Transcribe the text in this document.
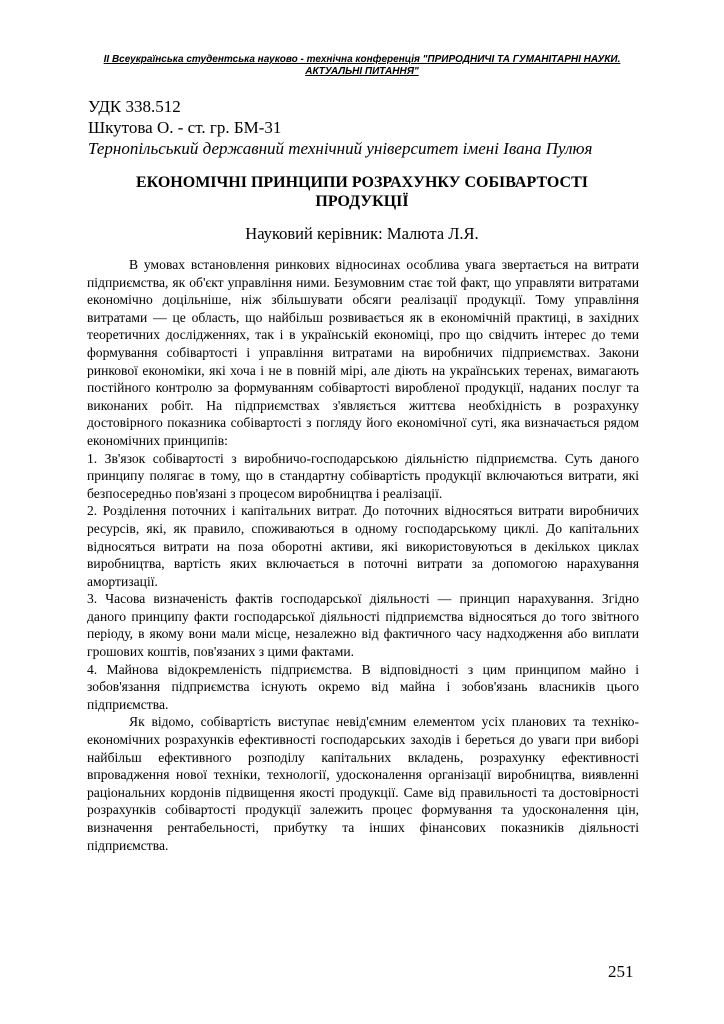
ІІ Всеукраїнська студентська науково - технічна конференція "ПРИРОДНИЧІ ТА ГУМАНІТАРНІ НАУКИ.
АКТУАЛЬНІ ПИТАННЯ"
УДК 338.512
Шкутова О. - ст. гр. БМ-31
Тернопільський державний технічний університет імені Івана Пулюя
ЕКОНОМІЧНІ ПРИНЦИПИ РОЗРАХУНКУ СОБІВАРТОСТІ
ПРОДУКЦІЇ
Науковий керівник: Малюта Л.Я.

В умовах встановлення ринкових відносинах особлива увага звертається на витрати підприємства, як об'єкт управління ними. Безумовним стає той факт, що управляти витратами економічно доцільніше, ніж збільшувати обсяги реалізації продукції. Тому управління витратами — це область, що найбільш розвивається як в економічній практиці, в західних теоретичних дослідженнях, так і в українській економіці, про що свідчить інтерес до теми формування собівартості і управління витратами на виробничих підприємствах. Закони ринкової економіки, які хоча і не в повній мірі, але діють на українських теренах, вимагають постійного контролю за формуванням собівартості виробленої продукції, наданих послуг та виконаних робіт. На підприємствах з'являється життєва необхідність в розрахунку достовірного показника собівартості з погляду його економічної суті, яка визначається рядом економічних принципів:

1. Зв'язок собівартості з виробничо-господарською діяльністю підприємства. Суть даного принципу полягає в тому, що в стандартну собівартість продукції включаються витрати, які безпосередньо пов'язані з процесом виробництва і реалізації.

2. Розділення поточних і капітальних витрат. До поточних відносяться витрати виробничих ресурсів, які, як правило, споживаються в одному господарському циклі. До капітальних відносяться витрати на поза оборотні активи, які використовуються в декількох циклах виробництва, вартість яких включається в поточні витрати за допомогою нарахування амортизації.

3. Часова визначеність фактів господарської діяльності — принцип нарахування. Згідно даного принципу факти господарської діяльності підприємства відносяться до того звітного періоду, в якому вони мали місце, незалежно від фактичного часу надходження або виплати грошових коштів, пов'язаних з цими фактами.

4. Майнова відокремленість підприємства. В відповідності з цим принципом майно і зобов'язання підприємства існують окремо від майна і зобов'язань власників цього підприємства.

Як відомо, собівартість виступає невід'ємним елементом усіх планових та техніко-економічних розрахунків ефективності господарських заходів і береться до уваги при виборі найбільш ефективного розподілу капітальних вкладень, розрахунку ефективності впровадження нової техніки, технології, удосконалення організації виробництва, виявленні раціональних кордонів підвищення якості продукції. Саме від правильності та достовірності розрахунків собівартості продукції залежить процес формування та удосконалення цін, визначення рентабельності, прибутку та інших фінансових показників діяльності підприємства.

251
